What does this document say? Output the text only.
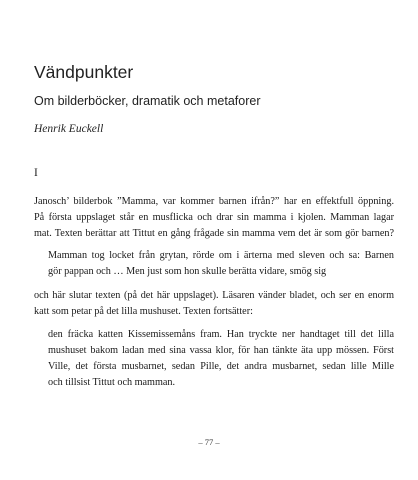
Vändpunkter
Om bilderböcker, dramatik och metaforer
Henrik Euckell
I

Janosch’ bilderbok ”Mamma, var kommer barnen ifrån?” har en effektfull öppning.
På första uppslaget står en musflicka och drar sin mamma i kjolen. Mamman lagar
mat. Texten berättar att Tittut en gång frågade sin mamma vem det är som gör barnen?

Mamman tog locket från grytan, rörde om i ärterna med sleven och sa: Barnen
gör pappan och … Men just som hon skulle berätta vidare, smög sig

och här slutar texten (på det här uppslaget). Läsaren vänder bladet, och ser en enorm
katt som petar på det lilla mushuset. Texten fortsätter:

den fräcka katten Kissemissemåns fram. Han tryckte ner handtaget till det lilla
mushuset bakom ladan med sina vassa klor, för han tänkte äta upp mössen. Först
Ville, det första musbarnet, sedan Pille, det andra musbarnet, sedan lille Mille
och tillsist Tittut och mamman.

– 77 –
